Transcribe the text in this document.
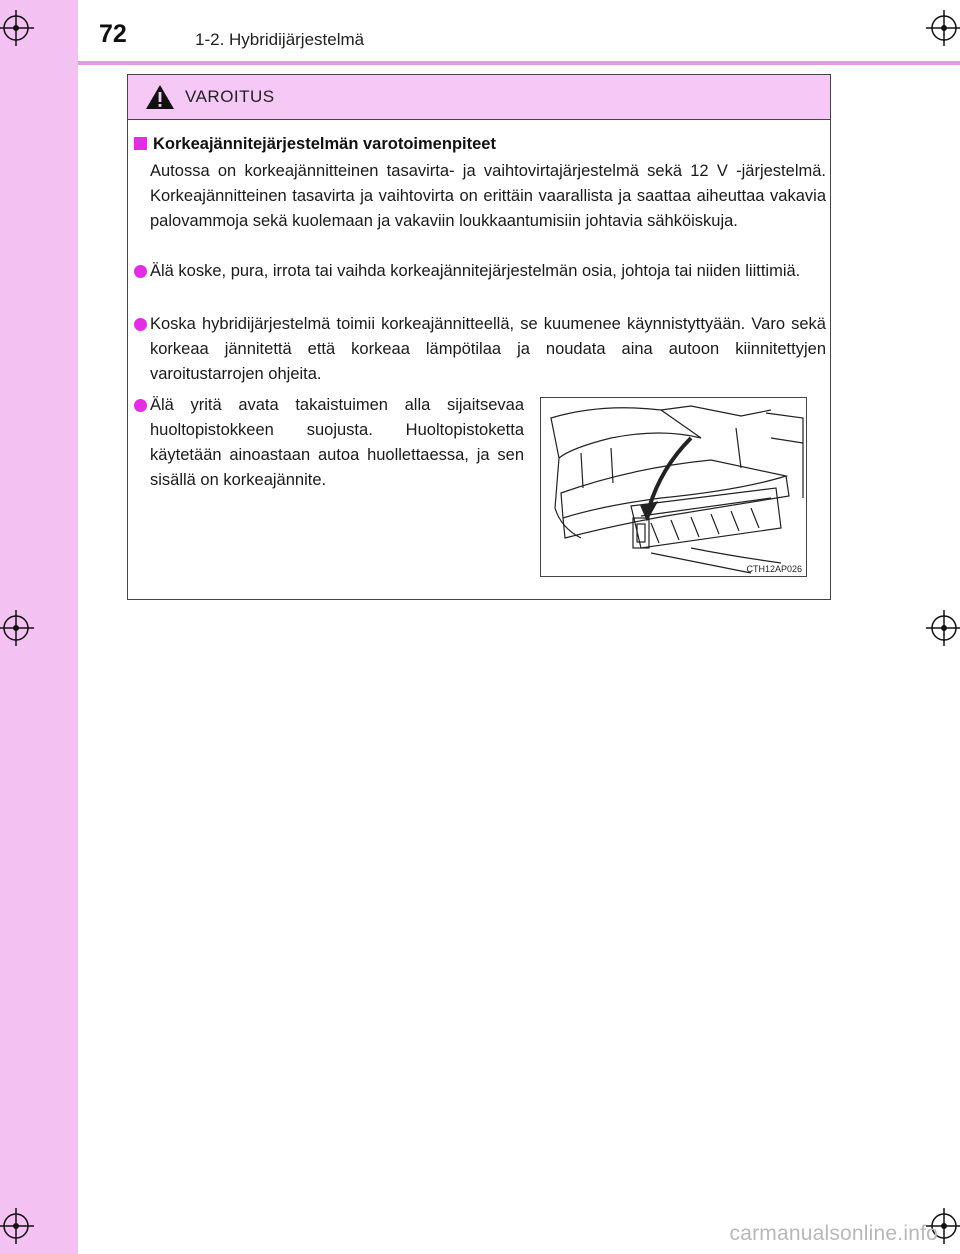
72	1-2. Hybridijärjestelmä
VAROITUS
Korkeajännitejärjestelmän varotoimenpiteet
Autossa on korkeajännitteinen tasavirta- ja vaihtovirtajärjestelmä sekä 12 V -järjestelmä. Korkeajännitteinen tasavirta ja vaihtovirta on erittäin vaarallista ja saattaa aiheuttaa vakavia palovammoja sekä kuolemaan ja vakaviin loukkaantumisiin johtavia sähköiskuja.
Älä koske, pura, irrota tai vaihda korkeajännitejärjestelmän osia, johtoja tai niiden liittimiä.
Koska hybridijärjestelmä toimii korkeajännitteellä, se kuumenee käynnistyttyään. Varo sekä korkeaa jännitettä että korkeaa lämpötilaa ja noudata aina autoon kiinnitettyjen varoitustarrojen ohjeita.
Älä yritä avata takaistuimen alla sijaitsevaa huoltopistokkeen suojusta. Huoltopistoketta käytetään ainoastaan autoa huollettaessa, ja sen sisällä on korkeajännite.
CTH12AP026
carmanualsonline.info
